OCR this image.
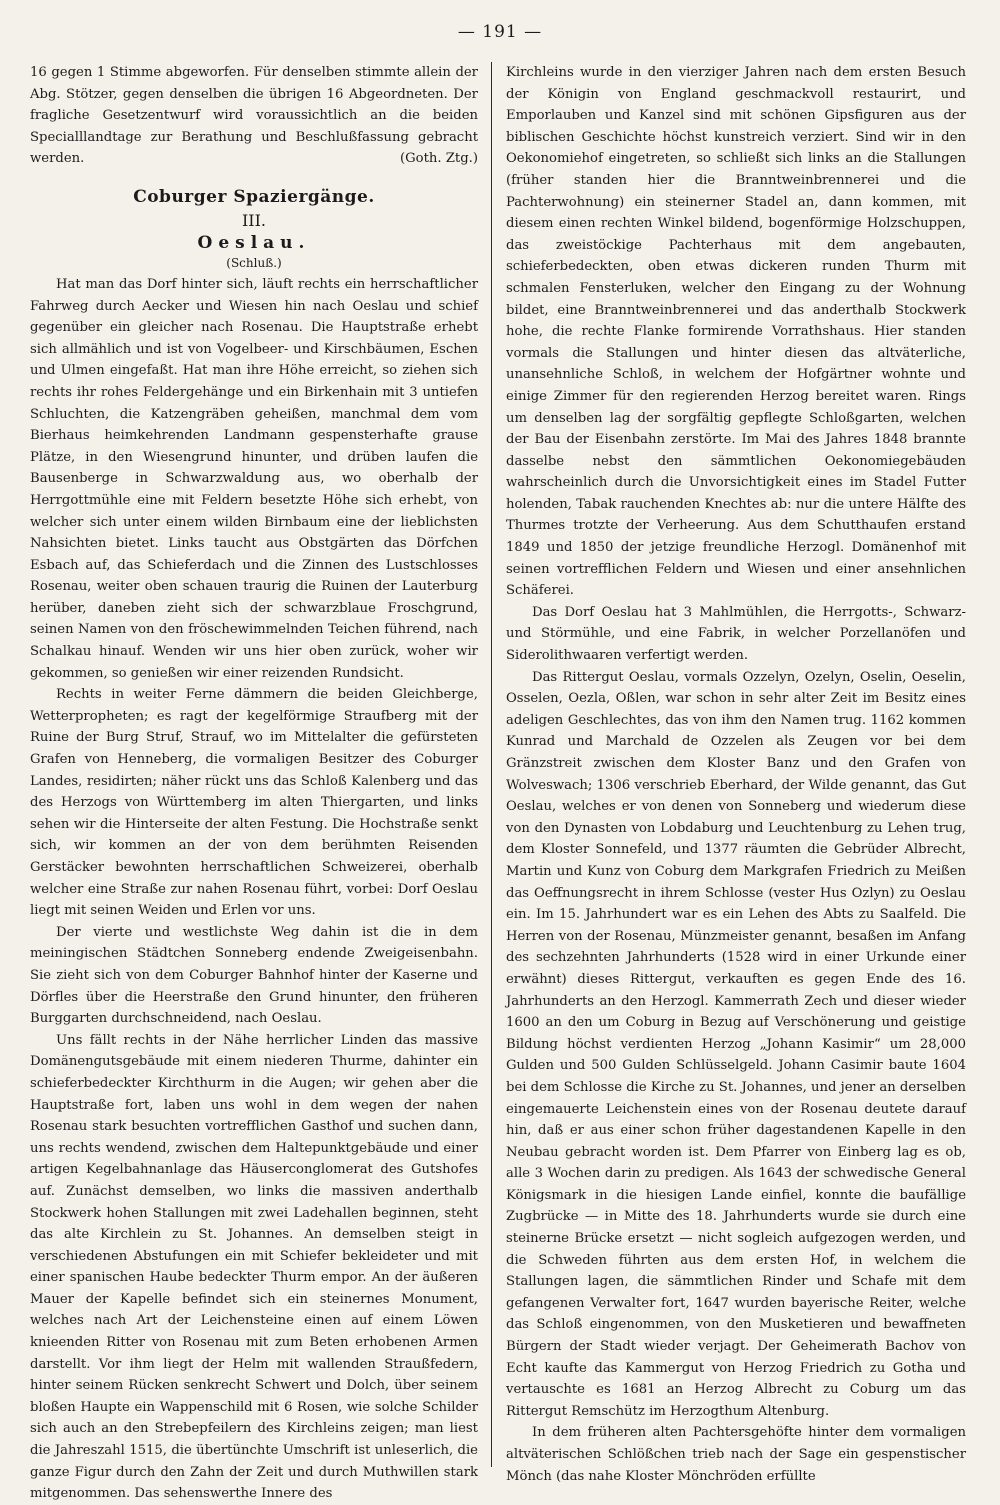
— 191 —

16 gegen 1 Stimme abgeworfen. Für denselben stimmte allein der Abg. Stötzer, gegen denselben die übrigen 16 Abgeordneten. Der fragliche Gesetzentwurf wird voraussichtlich an die beiden Specialllandtage zur Berathung und Beschlußfassung gebracht werden.	(Goth. Ztg.)

Coburger Spaziergänge.
III.
Oeslau.
(Schluß.)

Hat man das Dorf hinter sich, läuft rechts ein herrschaftlicher Fahrweg durch Aecker und Wiesen hin nach Oeslau und schief gegenüber ein gleicher nach Rosenau. Die Hauptstraße erhebt sich allmählich und ist von Vogelbeer- und Kirschbäumen, Eschen und Ulmen eingefaßt. Hat man ihre Höhe erreicht, so ziehen sich rechts ihr rohes Feldergehänge und ein Birkenhain mit 3 untiefen Schluchten, die Katzengräben geheißen, manchmal dem vom Bierhaus heimkehrenden Landmann gespensterhafte grause Plätze, in den Wiesengrund hinunter, und drüben laufen die Bausenberge in Schwarzwaldung aus, wo oberhalb der Herrgottmühle eine mit Feldern besetzte Höhe sich erhebt, von welcher sich unter einem wilden Birnbaum eine der lieblichsten Nahsichten bietet. Links taucht aus Obstgärten das Dörfchen Esbach auf, das Schieferdach und die Zinnen des Lustschlosses Rosenau, weiter oben schauen traurig die Ruinen der Lauterburg herüber, daneben zieht sich der schwarzblaue Froschgrund, seinen Namen von den fröschewimmelnden Teichen führend, nach Schalkau hinauf. Wenden wir uns hier oben zurück, woher wir gekommen, so genießen wir einer reizenden Rundsicht.

Rechts in weiter Ferne dämmern die beiden Gleichberge, Wetterpropheten; es ragt der kegelförmige Straufberg mit der Ruine der Burg Struf, Strauf, wo im Mittelalter die gefürsteten Grafen von Henneberg, die vormaligen Besitzer des Coburger Landes, residirten; näher rückt uns das Schloß Kalenberg und das des Herzogs von Württemberg im alten Thiergarten, und links sehen wir die Hinterseite der alten Festung. Die Hochstraße senkt sich, wir kommen an der von dem berühmten Reisenden Gerstäcker bewohnten herrschaftlichen Schweizerei, oberhalb welcher eine Straße zur nahen Rosenau führt, vorbei: Dorf Oeslau liegt mit seinen Weiden und Erlen vor uns.

Der vierte und westlichste Weg dahin ist die in dem meiningischen Städtchen Sonneberg endende Zweigeisenbahn. Sie zieht sich von dem Coburger Bahnhof hinter der Kaserne und Dörfles über die Heerstraße den Grund hinunter, den früheren Burggarten durchschneidend, nach Oeslau.

Uns fällt rechts in der Nähe herrlicher Linden das massive Domänengutsgebäude mit einem niederen Thurme, dahinter ein schieferbedeckter Kirchthurm in die Augen; wir gehen aber die Hauptstraße fort, laben uns wohl in dem wegen der nahen Rosenau stark besuchten vortrefflichen Gasthof und suchen dann, uns rechts wendend, zwischen dem Haltepunktgebäude und einer artigen Kegelbahnanlage das Häuserconglomerat des Gutshofes auf. Zunächst demselben, wo links die massiven anderthalb Stockwerk hohen Stallungen mit zwei Ladehallen beginnen, steht das alte Kirchlein zu St. Johannes. An demselben steigt in verschiedenen Abstufungen ein mit Schiefer bekleideter und mit einer spanischen Haube bedeckter Thurm empor. An der äußeren Mauer der Kapelle befindet sich ein steinernes Monument, welches nach Art der Leichensteine einen auf einem Löwen knieenden Ritter von Rosenau mit zum Beten erhobenen Armen darstellt. Vor ihm liegt der Helm mit wallenden Straußfedern, hinter seinem Rücken senkrecht Schwert und Dolch, über seinem bloßen Haupte ein Wappenschild mit 6 Rosen, wie solche Schilder sich auch an den Strebepfeilern des Kirchleins zeigen; man liest die Jahreszahl 1515, die übertünchte Umschrift ist unleserlich, die ganze Figur durch den Zahn der Zeit und durch Muthwillen stark mitgenommen. Das sehenswerthe Innere des

Kirchleins wurde in den vierziger Jahren nach dem ersten Besuch der Königin von England geschmackvoll restaurirt, und Emporlauben und Kanzel sind mit schönen Gipsfiguren aus der biblischen Geschichte höchst kunstreich verziert. Sind wir in den Oekonomiehof eingetreten, so schließt sich links an die Stallungen (früher standen hier die Branntweinbrennerei und die Pachterwohnung) ein steinerner Stadel an, dann kommen, mit diesem einen rechten Winkel bildend, bogenförmige Holzschuppen, das zweistöckige Pachterhaus mit dem angebauten, schieferbedeckten, oben etwas dickeren runden Thurm mit schmalen Fensterluken, welcher den Eingang zu der Wohnung bildet, eine Branntweinbrennerei und das anderthalb Stockwerk hohe, die rechte Flanke formirende Vorrathshaus. Hier standen vormals die Stallungen und hinter diesen das altväterliche, unansehnliche Schloß, in welchem der Hofgärtner wohnte und einige Zimmer für den regierenden Herzog bereitet waren. Rings um denselben lag der sorgfältig gepflegte Schloßgarten, welchen der Bau der Eisenbahn zerstörte. Im Mai des Jahres 1848 brannte dasselbe nebst den sämmtlichen Oekonomiegebäuden wahrscheinlich durch die Unvorsichtigkeit eines im Stadel Futter holenden, Tabak rauchenden Knechtes ab: nur die untere Hälfte des Thurmes trotzte der Verheerung. Aus dem Schutthaufen erstand 1849 und 1850 der jetzige freundliche Herzogl. Domänenhof mit seinen vortrefflichen Feldern und Wiesen und einer ansehnlichen Schäferei.

Das Dorf Oeslau hat 3 Mahlmühlen, die Herrgotts-, Schwarz- und Störmühle, und eine Fabrik, in welcher Porzellanöfen und Siderolithwaaren verfertigt werden.

Das Rittergut Oeslau, vormals Ozzelyn, Ozelyn, Oselin, Oeselin, Osselen, Oezla, Oßlen, war schon in sehr alter Zeit im Besitz eines adeligen Geschlechtes, das von ihm den Namen trug. 1162 kommen Kunrad und Marchald de Ozzelen als Zeugen vor bei dem Gränzstreit zwischen dem Kloster Banz und den Grafen von Wolveswach; 1306 verschrieb Eberhard, der Wilde genannt, das Gut Oeslau, welches er von denen von Sonneberg und wiederum diese von den Dynasten von Lobdaburg und Leuchtenburg zu Lehen trug, dem Kloster Sonnefeld, und 1377 räumten die Gebrüder Albrecht, Martin und Kunz von Coburg dem Markgrafen Friedrich zu Meißen das Oeffnungsrecht in ihrem Schlosse (vester Hus Ozlyn) zu Oeslau ein. Im 15. Jahrhundert war es ein Lehen des Abts zu Saalfeld. Die Herren von der Rosenau, Münzmeister genannt, besaßen im Anfang des sechzehnten Jahrhunderts (1528 wird in einer Urkunde einer erwähnt) dieses Rittergut, verkauften es gegen Ende des 16. Jahrhunderts an den Herzogl. Kammerrath Zech und dieser wieder 1600 an den um Coburg in Bezug auf Verschönerung und geistige Bildung höchst verdienten Herzog „Johann Kasimir“ um 28,000 Gulden und 500 Gulden Schlüsselgeld. Johann Casimir baute 1604 bei dem Schlosse die Kirche zu St. Johannes, und jener an derselben eingemauerte Leichenstein eines von der Rosenau deutete darauf hin, daß er aus einer schon früher dagestandenen Kapelle in den Neubau gebracht worden ist. Dem Pfarrer von Einberg lag es ob, alle 3 Wochen darin zu predigen. Als 1643 der schwedische General Königsmark in die hiesigen Lande einfiel, konnte die baufällige Zugbrücke — in Mitte des 18. Jahrhunderts wurde sie durch eine steinerne Brücke ersetzt — nicht sogleich aufgezogen werden, und die Schweden führten aus dem ersten Hof, in welchem die Stallungen lagen, die sämmtlichen Rinder und Schafe mit dem gefangenen Verwalter fort, 1647 wurden bayerische Reiter, welche das Schloß eingenommen, von den Musketieren und bewaffneten Bürgern der Stadt wieder verjagt. Der Geheimerath Bachov von Echt kaufte das Kammergut von Herzog Friedrich zu Gotha und vertauschte es 1681 an Herzog Albrecht zu Coburg um das Rittergut Remschütz im Herzogthum Altenburg.

In dem früheren alten Pachtersgehöfte hinter dem vormaligen altväterischen Schlößchen trieb nach der Sage ein gespenstischer Mönch (das nahe Kloster Mönchröden erfüllte
